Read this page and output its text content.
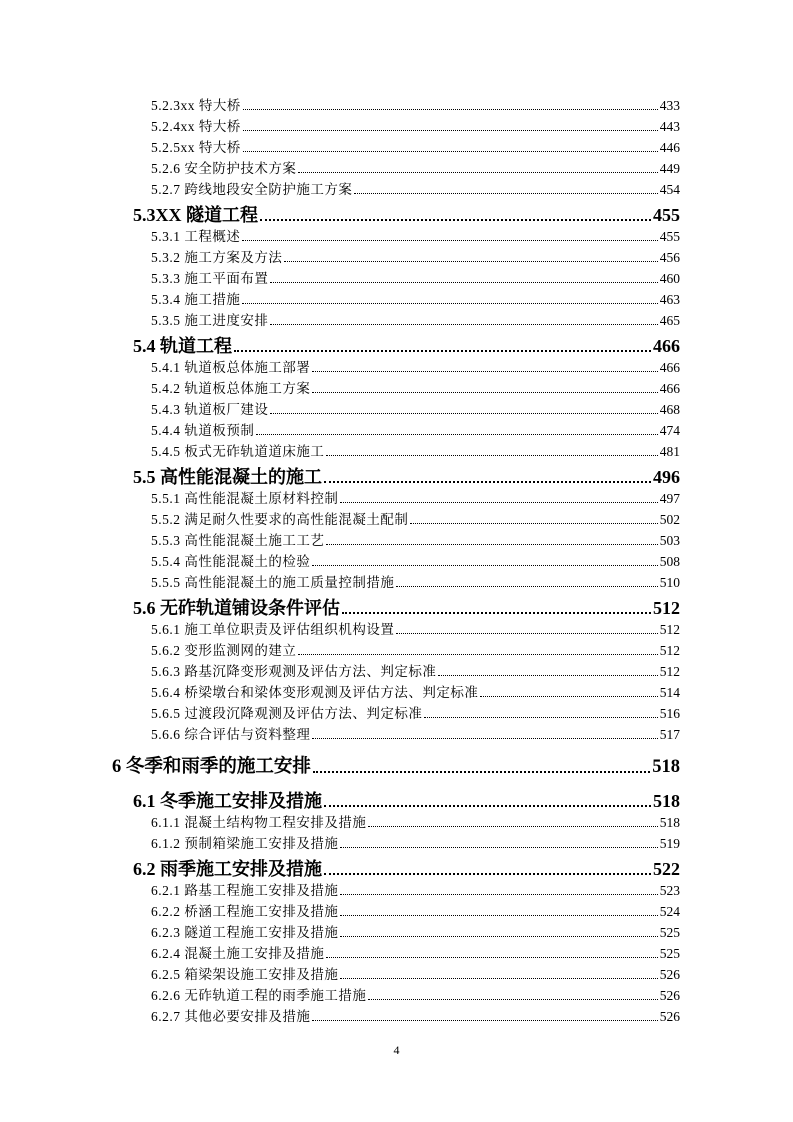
5.2.3xx 特大桥	433
5.2.4xx 特大桥	443
5.2.5xx 特大桥	446
5.2.6 安全防护技术方案	449
5.2.7 跨线地段安全防护施工方案	454
5.3XX 隧道工程	455
5.3.1 工程概述	455
5.3.2 施工方案及方法	456
5.3.3 施工平面布置	460
5.3.4 施工措施	463
5.3.5 施工进度安排	465
5.4 轨道工程	466
5.4.1 轨道板总体施工部署	466
5.4.2 轨道板总体施工方案	466
5.4.3 轨道板厂建设	468
5.4.4 轨道板预制	474
5.4.5 板式无砟轨道道床施工	481
5.5 高性能混凝土的施工	496
5.5.1 高性能混凝土原材料控制	497
5.5.2 满足耐久性要求的高性能混凝土配制	502
5.5.3 高性能混凝土施工工艺	503
5.5.4 高性能混凝土的检验	508
5.5.5 高性能混凝土的施工质量控制措施	510
5.6 无砟轨道铺设条件评估	512
5.6.1 施工单位职责及评估组织机构设置	512
5.6.2 变形监测网的建立	512
5.6.3 路基沉降变形观测及评估方法、判定标准	512
5.6.4 桥梁墩台和梁体变形观测及评估方法、判定标准	514
5.6.5 过渡段沉降观测及评估方法、判定标准	516
5.6.6 综合评估与资料整理	517
6 冬季和雨季的施工安排	518
6.1 冬季施工安排及措施	518
6.1.1 混凝土结构物工程安排及措施	518
6.1.2 预制箱梁施工安排及措施	519
6.2 雨季施工安排及措施	522
6.2.1 路基工程施工安排及措施	523
6.2.2 桥涵工程施工安排及措施	524
6.2.3 隧道工程施工安排及措施	525
6.2.4 混凝土施工安排及措施	525
6.2.5 箱梁架设施工安排及措施	526
6.2.6 无砟轨道工程的雨季施工措施	526
6.2.7 其他必要安排及措施	526
4
